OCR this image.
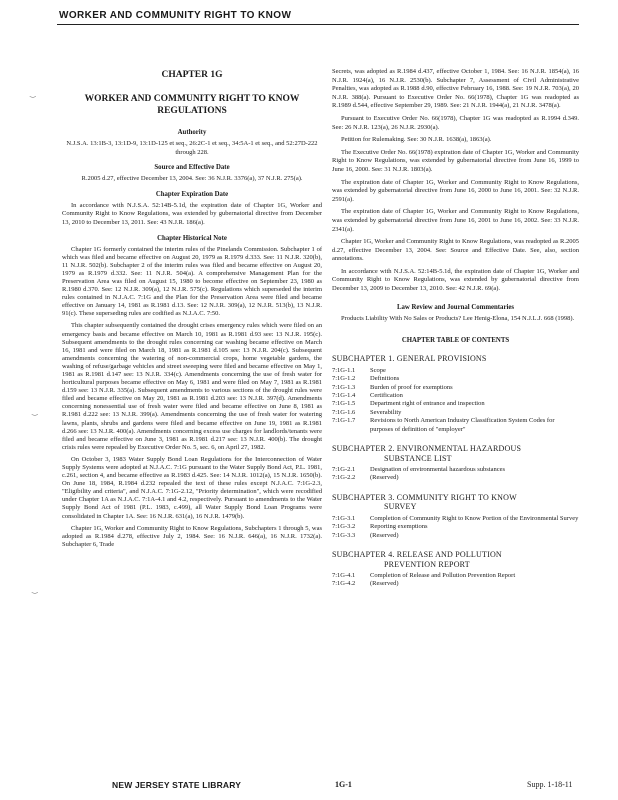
WORKER AND COMMUNITY RIGHT TO KNOW
‿
‿
‿
CHAPTER 1G
WORKER AND COMMUNITY RIGHT TO KNOW REGULATIONS
Authority

N.J.S.A. 13:1B-3, 13:1D-9, 13:1D-125 et seq., 26:2C-1 et seq., 34:5A-1 et seq., and 52:27D-222 through 228.

Source and Effective Date

R.2005 d.27, effective December 13, 2004. See: 36 N.J.R. 3376(a), 37 N.J.R. 275(a).

Chapter Expiration Date

In accordance with N.J.S.A. 52:14B-5.1d, the expiration date of Chapter 1G, Worker and Community Right to Know Regulations, was extended by gubernatorial directive from December 13, 2010 to December 13, 2011. See: 43 N.J.R. 186(a).

Chapter Historical Note

Chapter 1G formerly contained the interim rules of the Pinelands Commission. Subchapter 1 of which was filed and became effective on August 20, 1979 as R.1979 d.333. See: 11 N.J.R. 320(b), 11 N.J.R. 502(b). Subchapter 2 of the interim rules was filed and became effective on August 20, 1979 as R.1979 d.332. See: 11 N.J.R. 504(a). A comprehensive Management Plan for the Preservation Area was filed on August 15, 1980 to become effective on September 23, 1980 as R.1980 d.370. See: 12 N.J.R. 309(a), 12 N.J.R. 575(c). Regulations which superseded the interim rules contained in N.J.A.C. 7:1G and the Plan for the Preservation Area were filed and became effective on January 14, 1981 as R.1981 d.13. See: 12 N.J.R. 309(a), 12 N.J.R. 513(b), 13 N.J.R. 91(c). These superseding rules are codified as N.J.A.C. 7:50.

This chapter subsequently contained the drought crises emergency rules which were filed on an emergency basis and became effective on March 10, 1981 as R.1981 d.93 see: 13 N.J.R. 195(c). Subsequent amendments to the drought rules concerning car washing became effective on March 16, 1981 and were filed on March 18, 1981 as R.1981 d.105 see: 13 N.J.R. 204(c). Subsequent amendments concerning the watering of non-commercial crops, home vegetable gardens, the washing of refuse/garbage vehicles and street sweeping were filed and became effective on May 1, 1981 as R.1981 d.147 see: 13 N.J.R. 334(c). Amendments concerning the use of fresh water for horticultural purposes became effective on May 6, 1981 and were filed on May 7, 1981 as R.1981 d.159 see: 13 N.J.R. 335(a). Subsequent amendments to various sections of the drought rules were filed and became effective on May 20, 1981 as R.1981 d.203 see: 13 N.J.R. 397(d). Amendments concerning nonessential use of fresh water were filed and became effective on June 8, 1981 as R.1981 d.222 see: 13 N.J.R. 399(a). Amendments concerning the use of fresh water for watering lawns, plants, shrubs and gardens were filed and became effective on June 19, 1981 as R.1981 d.266 see: 13 N.J.R. 400(a). Amendments concerning excess use charges for landlords/tenants were filed and became effective on June 3, 1981 as R.1981 d.217 see: 13 N.J.R. 400(b). The drought crisis rules were repealed by Executive Order No. 5, sec. 6, on April 27, 1982.

On October 3, 1983 Water Supply Bond Loan Regulations for the Interconnection of Water Supply Systems were adopted at N.J.A.C. 7:1G pursuant to the Water Supply Bond Act, P.L. 1981, c.261, section 4, and became effective as R.1983 d.425. See: 14 N.J.R. 1012(a), 15 N.J.R. 1650(b). On June 18, 1984, R.1984 d.232 repealed the text of these rules except N.J.A.C. 7:1G-2.3, "Eligibility and criteria", and N.J.A.C. 7:1G-2.12, "Priority determination", which were recodified under Chapter 1A as N.J.A.C. 7:1A-4.1 and 4.2, respectively. Pursuant to amendments to the Water Supply Bond Act of 1981 (P.L. 1983, c.499), all Water Supply Bond Loan Programs were consolidated in Chapter 1A. See: 16 N.J.R. 631(a), 16 N.J.R. 1479(b).

Chapter 1G, Worker and Community Right to Know Regulations, Subchapters 1 through 5, was adopted as R.1984 d.278, effective July 2, 1984. See: 16 N.J.R. 646(a), 16 N.J.R. 1732(a). Subchapter 6, Trade

Secrets, was adopted as R.1984 d.437, effective October 1, 1984. See: 16 N.J.R. 1854(a), 16 N.J.R. 1924(a), 16 N.J.R. 2530(b). Subchapter 7, Assessment of Civil Administrative Penalties, was adopted as R.1988 d.90, effective February 16, 1988. See: 19 N.J.R. 703(a), 20 N.J.R. 388(a). Pursuant to Executive Order No. 66(1978), Chapter 1G was readopted as R.1989 d.544, effective September 29, 1989. See: 21 N.J.R. 1944(a), 21 N.J.R. 3478(a).

Pursuant to Executive Order No. 66(1978), Chapter 1G was readopted as R.1994 d.349. See: 26 N.J.R. 123(a), 26 N.J.R. 2930(a).

Petition for Rulemaking. See: 30 N.J.R. 1638(a), 1863(a).

The Executive Order No. 66(1978) expiration date of Chapter 1G, Worker and Community Right to Know Regulations, was extended by gubernatorial directive from June 16, 1999 to June 16, 2000. See: 31 N.J.R. 1803(a).

The expiration date of Chapter 1G, Worker and Community Right to Know Regulations, was extended by gubernatorial directive from June 16, 2000 to June 16, 2001. See: 32 N.J.R. 2591(a).

The expiration date of Chapter 1G, Worker and Community Right to Know Regulations, was extended by gubernatorial directive from June 16, 2001 to June 16, 2002. See: 33 N.J.R. 2341(a).

Chapter 1G, Worker and Community Right to Know Regulations, was readopted as R.2005 d.27, effective December 13, 2004. See: Source and Effective Date. See, also, section annotations.

In accordance with N.J.S.A. 52:14B-5.1d, the expiration date of Chapter 1G, Worker and Community Right to Know Regulations, was extended by gubernatorial directive from December 13, 2009 to December 13, 2010. See: 42 N.J.R. 69(a).

Law Review and Journal Commentaries

Products Liability With No Sales or Products? Lee Henig-Elona, 154 N.J.L.J. 668 (1998).

CHAPTER TABLE OF CONTENTS
SUBCHAPTER 1. GENERAL PROVISIONS
7:1G-1.1	Scope
7:1G-1.2	Definitions
7:1G-1.3	Burden of proof for exemptions
7:1G-1.4	Certification
7:1G-1.5	Department right of entrance and inspection
7:1G-1.6	Severability
7:1G-1.7	Revisions to North American Industry Classification System Codes for purposes of definition of "employer"
SUBCHAPTER 2. ENVIRONMENTAL HAZARDOUS
SUBSTANCE LIST
7:1G-2.1	Designation of environmental hazardous substances
7:1G-2.2	(Reserved)
SUBCHAPTER 3. COMMUNITY RIGHT TO KNOW
SURVEY
7:1G-3.1	Completion of Community Right to Know Portion of the Environmental Survey
7:1G-3.2	Reporting exemptions
7:1G-3.3	(Reserved)
SUBCHAPTER 4. RELEASE AND POLLUTION
PREVENTION REPORT
7:1G-4.1	Completion of Release and Pollution Prevention Report
7:1G-4.2	(Reserved)
NEW JERSEY STATE LIBRARY	1G-1	Supp. 1-18-11
